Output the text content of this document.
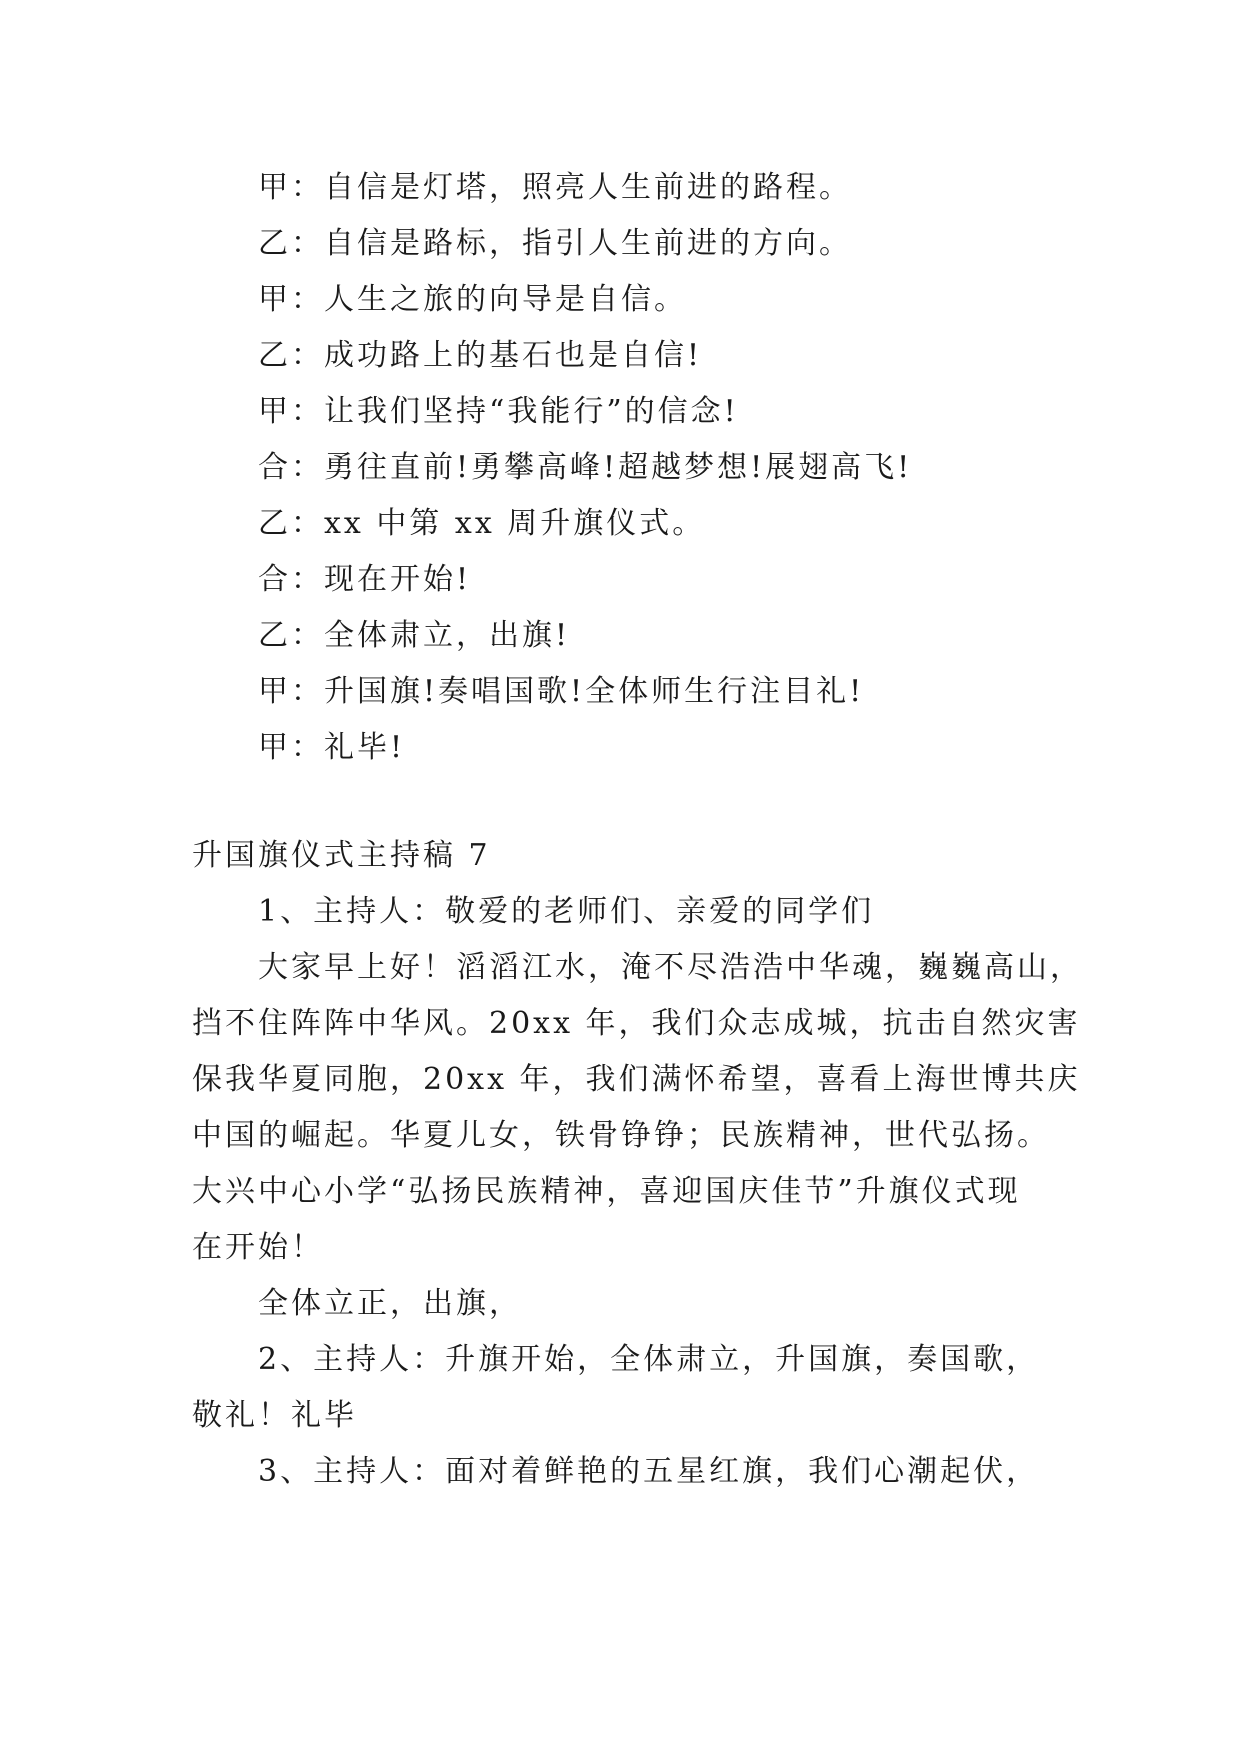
甲：自信是灯塔，照亮人生前进的路程。
乙：自信是路标，指引人生前进的方向。
甲：人生之旅的向导是自信。
乙：成功路上的基石也是自信!
甲：让我们坚持“我能行”的信念!
合：勇往直前!勇攀高峰!超越梦想!展翅高飞!
乙：xx 中第 xx 周升旗仪式。
合：现在开始!
乙：全体肃立，出旗!
甲：升国旗!奏唱国歌!全体师生行注目礼!
甲：礼毕!
升国旗仪式主持稿 7
1、主持人：敬爱的老师们、亲爱的同学们
大家早上好！滔滔江水，淹不尽浩浩中华魂，巍巍高山，
挡不住阵阵中华风。20xx 年，我们众志成城，抗击自然灾害
保我华夏同胞，20xx 年，我们满怀希望，喜看上海世博共庆
中国的崛起。华夏儿女，铁骨铮铮；民族精神，世代弘扬。
大兴中心小学“弘扬民族精神，喜迎国庆佳节”升旗仪式现
在开始！
全体立正，出旗，
2、主持人：升旗开始，全体肃立，升国旗，奏国歌，
敬礼！礼毕
3、主持人：面对着鲜艳的五星红旗，我们心潮起伏，
